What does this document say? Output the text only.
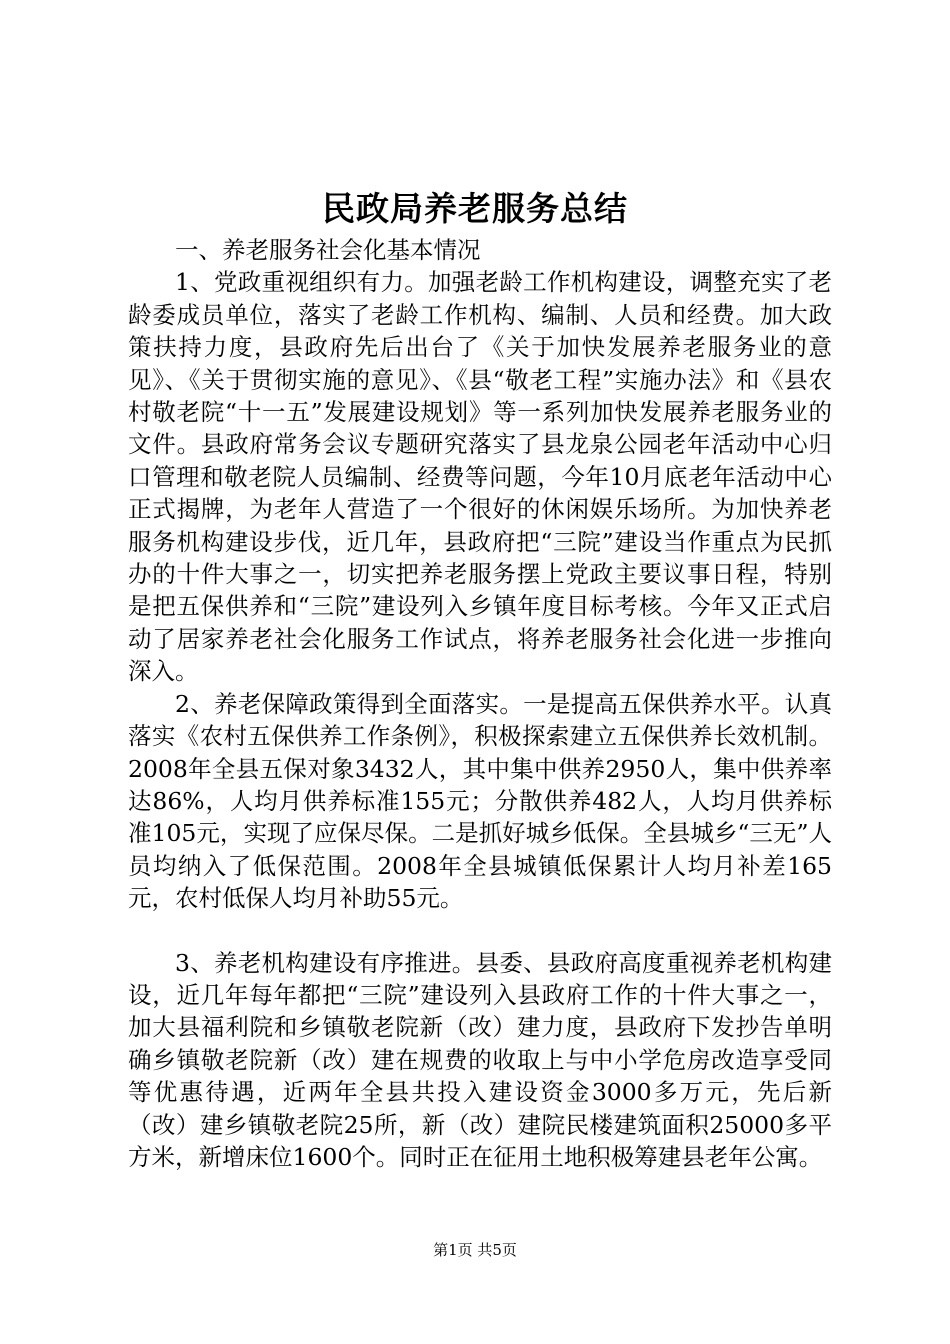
民政局养老服务总结

一、养老服务社会化基本情况

1、党政重视组织有力。加强老龄工作机构建设，调整充实了老龄委成员单位，落实了老龄工作机构、编制、人员和经费。加大政策扶持力度，县政府先后出台了《关于加快发展养老服务业的意见》、《关于贯彻实施的意见》、《县“敬老工程”实施办法》和《县农村敬老院“十一五”发展建设规划》等一系列加快发展养老服务业的文件。县政府常务会议专题研究落实了县龙泉公园老年活动中心归口管理和敬老院人员编制、经费等问题，今年10月底老年活动中心正式揭牌，为老年人营造了一个很好的休闲娱乐场所。为加快养老服务机构建设步伐，近几年，县政府把“三院”建设当作重点为民抓办的十件大事之一，切实把养老服务摆上党政主要议事日程，特别是把五保供养和“三院”建设列入乡镇年度目标考核。今年又正式启动了居家养老社会化服务工作试点，将养老服务社会化进一步推向深入。

2、养老保障政策得到全面落实。一是提高五保供养水平。认真落实《农村五保供养工作条例》，积极探索建立五保供养长效机制。2008年全县五保对象3432人，其中集中供养2950人，集中供养率达86%，人均月供养标准155元；分散供养482人，人均月供养标准105元，实现了应保尽保。二是抓好城乡低保。全县城乡“三无”人员均纳入了低保范围。2008年全县城镇低保累计人均月补差165元，农村低保人均月补助55元。

3、养老机构建设有序推进。县委、县政府高度重视养老机构建设，近几年每年都把“三院”建设列入县政府工作的十件大事之一，加大县福利院和乡镇敬老院新（改）建力度，县政府下发抄告单明确乡镇敬老院新（改）建在规费的收取上与中小学危房改造享受同等优惠待遇，近两年全县共投入建设资金3000多万元，先后新（改）建乡镇敬老院25所，新（改）建院民楼建筑面积25000多平方米，新增床位1600个。同时正在征用土地积极筹建县老年公寓。

第1页 共5页
